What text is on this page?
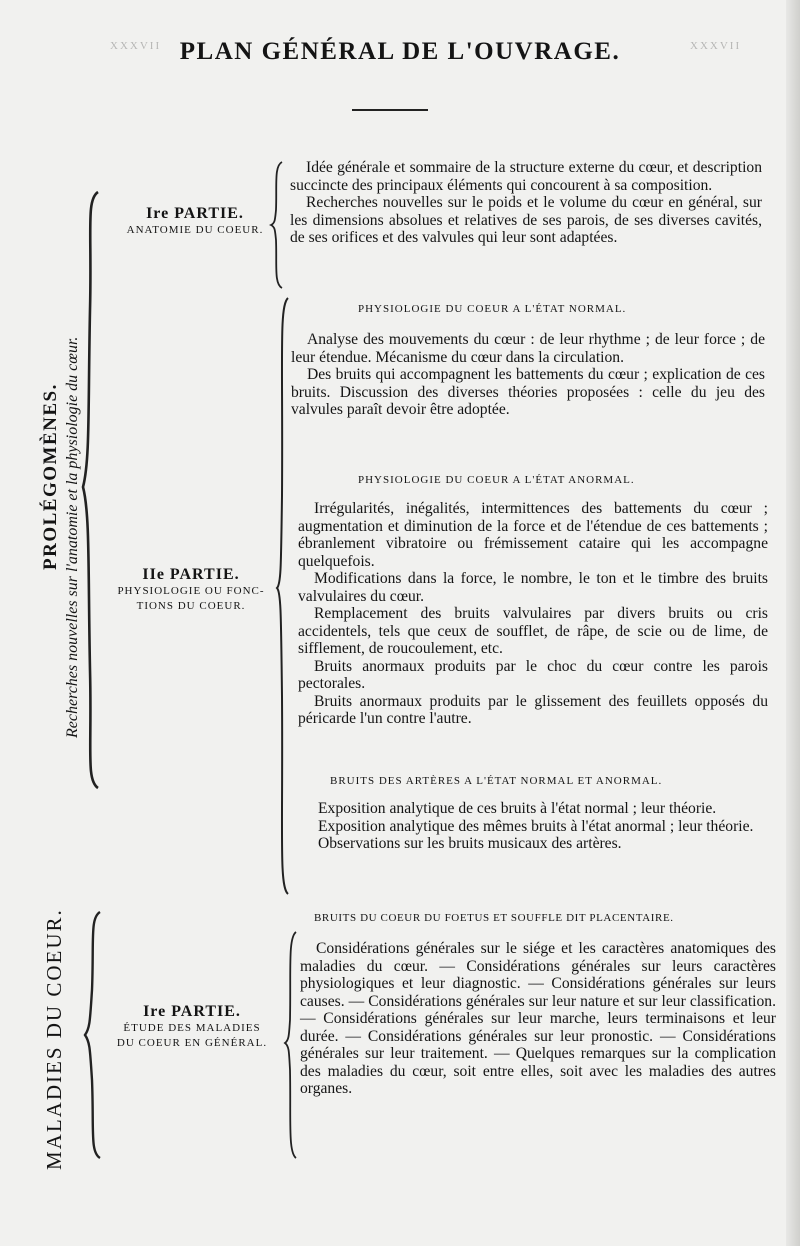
XXXVII	XXXVII
PLAN GÉNÉRAL DE L'OUVRAGE.
PROLÉGOMÈNES. Recherches nouvelles sur l'anatomie et la physiologie du cœur.
MALADIES DU COEUR.
Ire PARTIE.
ANATOMIE DU COEUR.
IIe PARTIE.
PHYSIOLOGIE OU FONC-
TIONS DU COEUR.
Ire PARTIE.
ÉTUDE DES MALADIES
DU COEUR EN GÉNÉRAL.

Idée générale et sommaire de la structure externe du cœur, et description succincte des principaux éléments qui concourent à sa composition.

Recherches nouvelles sur le poids et le volume du cœur en général, sur les dimensions absolues et relatives de ses parois, de ses diverses cavités, de ses orifices et des valvules qui leur sont adaptées.

PHYSIOLOGIE DU COEUR A L'ÉTAT NORMAL.

Analyse des mouvements du cœur : de leur rhythme ; de leur force ; de leur étendue. Mécanisme du cœur dans la circulation.

Des bruits qui accompagnent les battements du cœur ; explication de ces bruits. Discussion des diverses théories proposées : celle du jeu des valvules paraît devoir être adoptée.

PHYSIOLOGIE DU COEUR A L'ÉTAT ANORMAL.

Irrégularités, inégalités, intermittences des battements du cœur ; augmentation et diminution de la force et de l'étendue de ces battements ; ébranlement vibratoire ou frémissement cataire qui les accompagne quelquefois.

Modifications dans la force, le nombre, le ton et le timbre des bruits valvulaires du cœur.

Remplacement des bruits valvulaires par divers bruits ou cris accidentels, tels que ceux de soufflet, de râpe, de scie ou de lime, de sifflement, de roucoulement, etc.

Bruits anormaux produits par le choc du cœur contre les parois pectorales.

Bruits anormaux produits par le glissement des feuillets opposés du péricarde l'un contre l'autre.

BRUITS DES ARTÈRES A L'ÉTAT NORMAL ET ANORMAL.

Exposition analytique de ces bruits à l'état normal ; leur théorie.

Exposition analytique des mêmes bruits à l'état anormal ; leur théorie.

Observations sur les bruits musicaux des artères.

BRUITS DU COEUR DU FOETUS ET SOUFFLE DIT PLACENTAIRE.

Considérations générales sur le siége et les caractères anatomiques des maladies du cœur. — Considérations générales sur leurs caractères physiologiques et leur diagnostic. — Considérations générales sur leurs causes. — Considérations générales sur leur nature et sur leur classification. — Considérations générales sur leur marche, leurs terminaisons et leur durée. — Considérations générales sur leur pronostic. — Considérations générales sur leur traitement. — Quelques remarques sur la complication des maladies du cœur, soit entre elles, soit avec les maladies des autres organes.
